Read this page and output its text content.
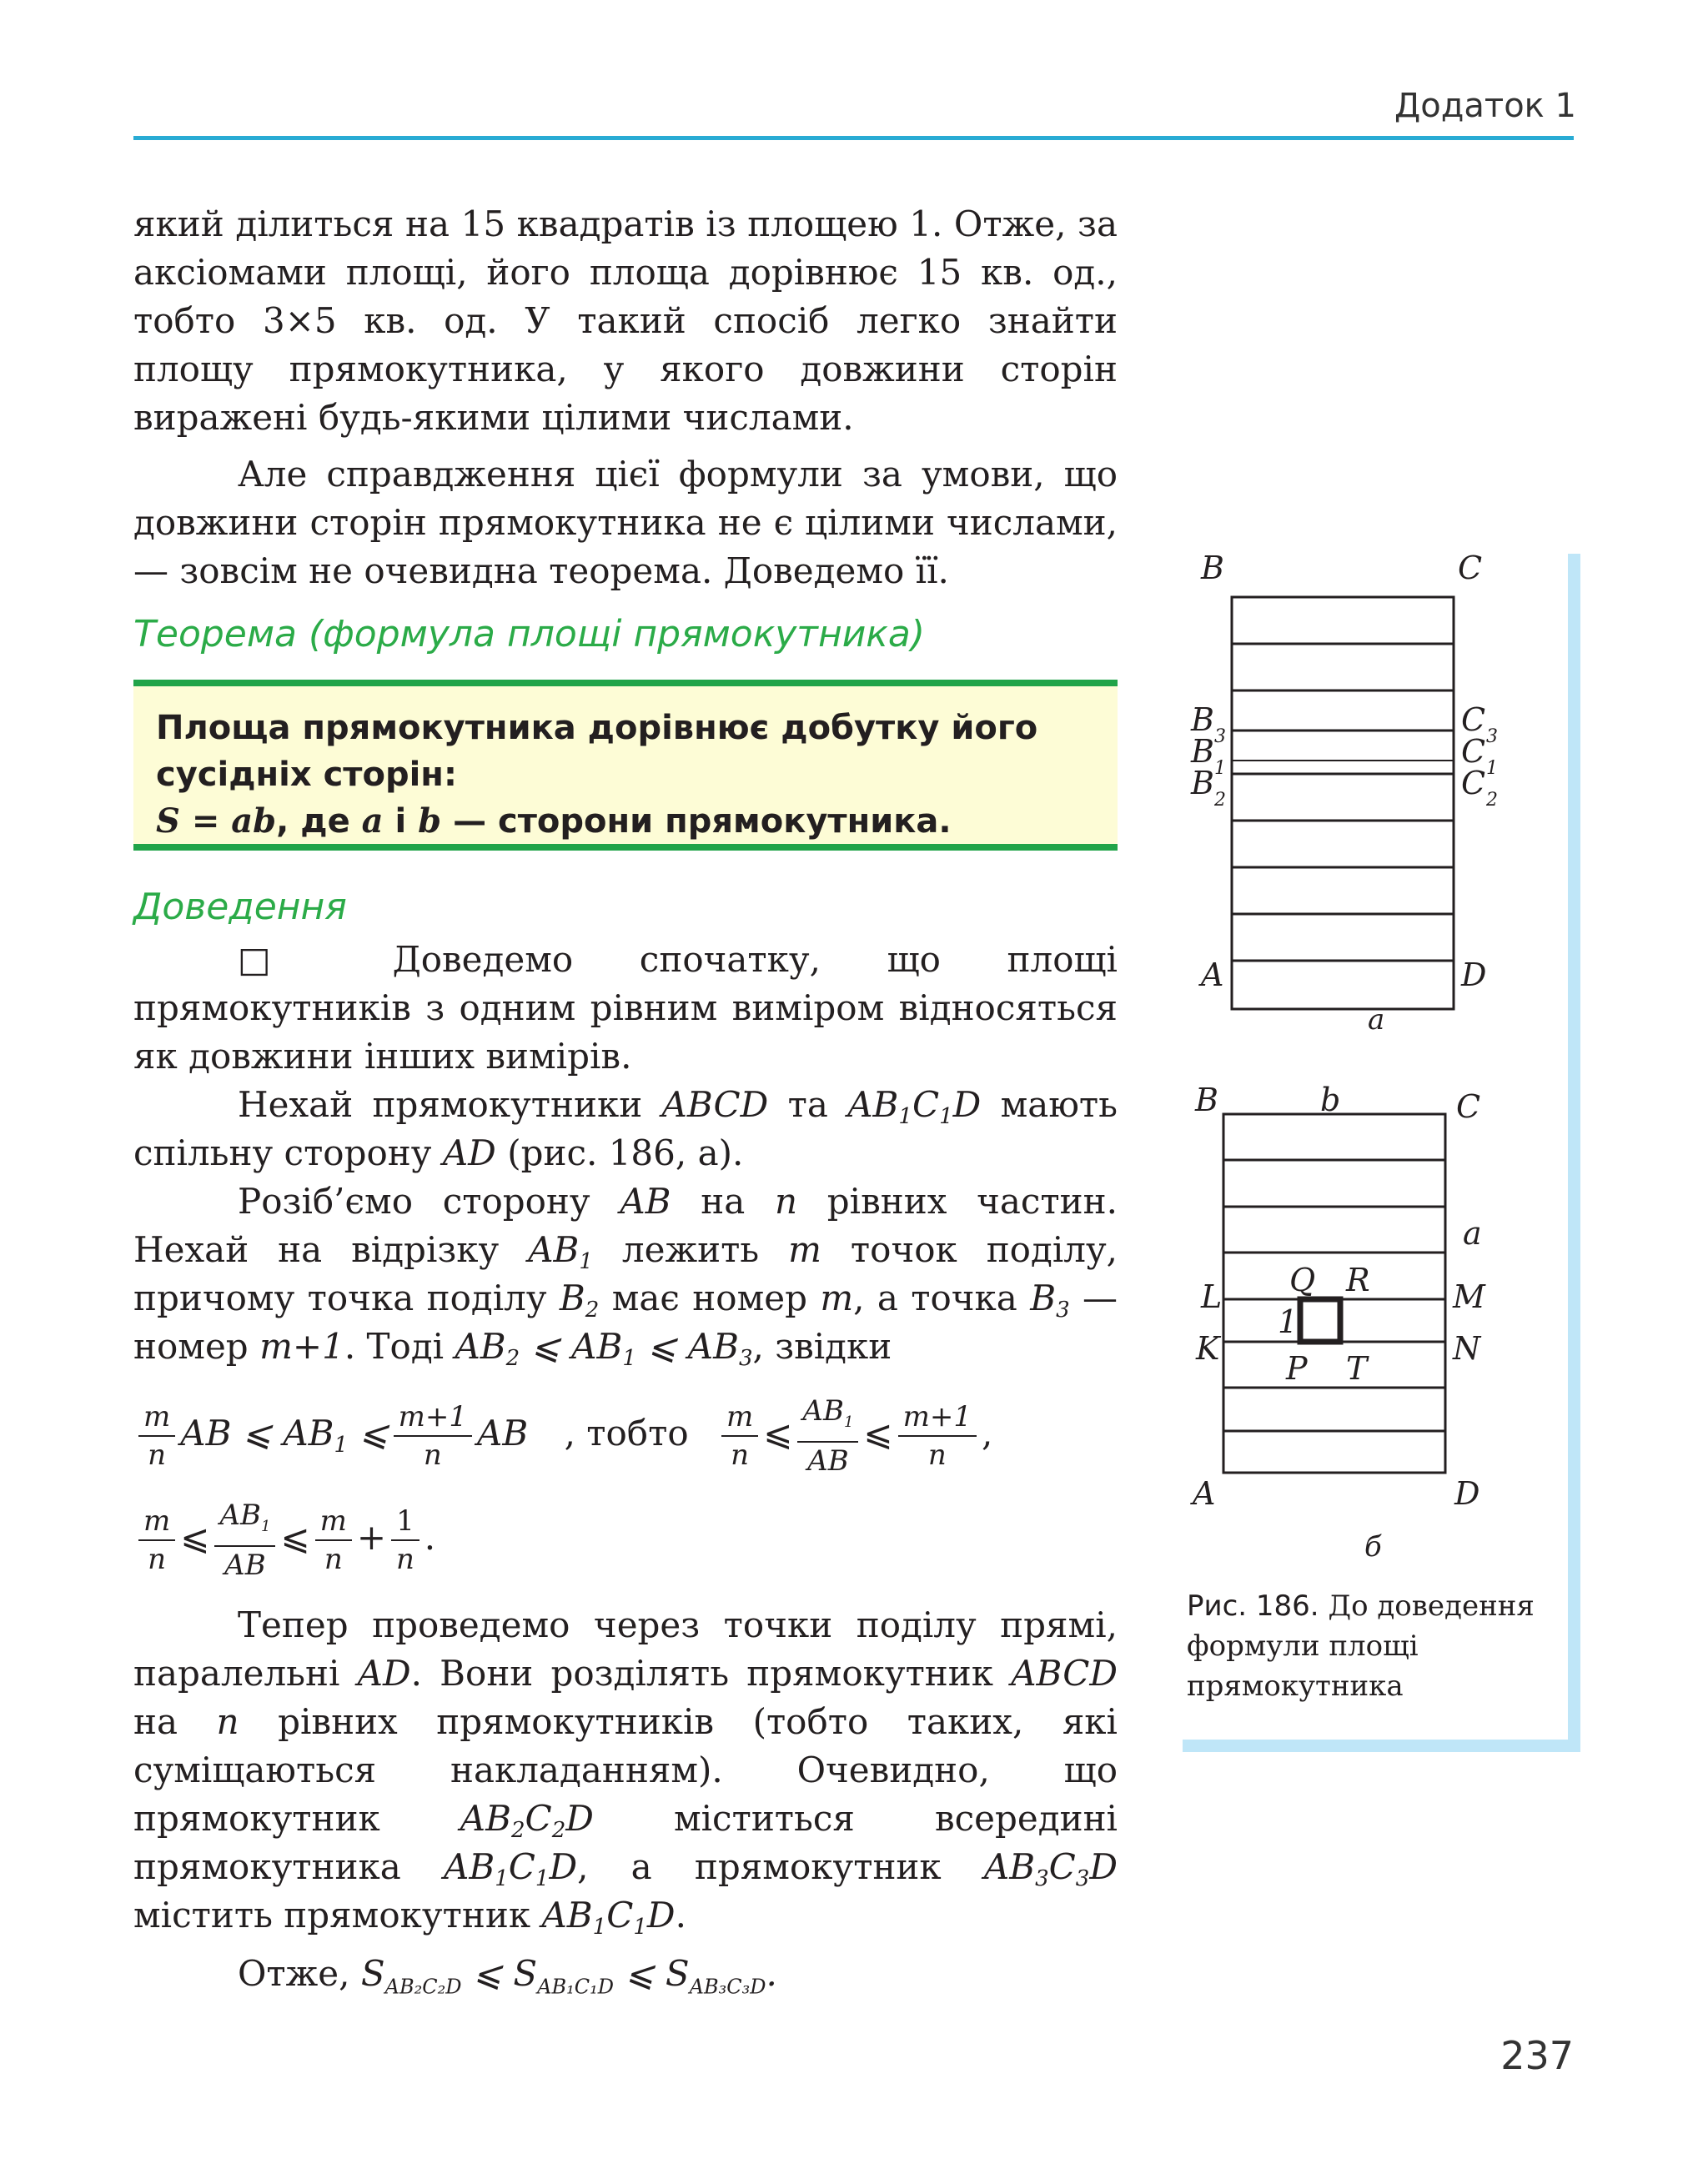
Додаток 1

який ділиться на 15 квадратів із площею 1. Отже, за аксіомами площі, його площа дорівнює 15 кв. од., тобто 3×5 кв. од. У такий спосіб легко знайти площу прямокутника, у якого довжини сторін виражені будь-якими цілими числами.

Але справдження цієї формули за умови, що довжини сторін прямокутника не є цілими числами,— зовсім не очевидна теорема. Доведемо її.

Теорема (формула площі прямокутника)

Площа прямокутника дорівнює добутку його сусідніх сторін:

S = ab, де a і b — сторони прямокутника.

Доведення

□ Доведемо спочатку, що площі прямокутників з одним рівним виміром відносяться як довжини інших вимірів.

Нехай прямокутники ABCD та $AB_1C_1D$ мають спільну сторону AD (рис. 186, а).

Розіб’ємо сторону AB на n рівних частин. Нехай на відрізку $AB_1$ лежить m точок поділу, причому точка поділу $B_2$ має номер m, а точка $B_3$ — номер m+1. Тоді $AB_2$ ⩽ $AB_1$ ⩽ $AB_3$, звідки

$\frac{m}{n}$ AB ⩽ $AB_1$ ⩽ $\frac{m+1}{n}$ AB , тобто $\frac{m}{n}$ ⩽ $\frac{AB_1}{AB}$ ⩽ $\frac{m+1}{n}$ ,
$\frac{m}{n}$ ⩽ $\frac{AB_1}{AB}$ ⩽ $\frac{m}{n} + \frac{1}{n}$ .

Тепер проведемо через точки поділу прямі, паралельні AD. Вони розділять прямокутник ABCD на n рівних прямокутників (тобто таких, які суміщаються накладанням). Очевидно, що прямокутник $AB_2C_2D$ міститься всередині прямокутника $AB_1C_1D$, а прямокутник $AB_3C_3D$ містить прямокутник $AB_1C_1D$.

Отже, $S_{AB_2C_2D}$ ⩽ $S_{AB_1C_1D}$ ⩽ $S_{AB_3C_3D}$.

B	C
B 3
B 1
B 2
C 3
C 1
C 2
A	D
а
B	b	C
a
L Q R	M
1
K	N
P T
A	D
б
Рис. 186. До доведення формули площі прямокутника
237
